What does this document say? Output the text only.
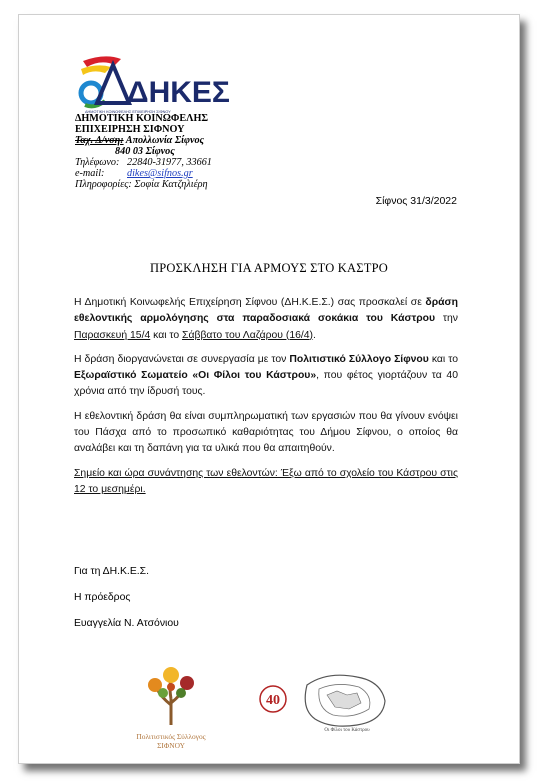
ΔΗΚΕΣ
ΔΗΜΟΤΙΚΗ ΚΟΙΝΩΦΕΛΗΣ ΕΠΙΧΕΙΡΗΣΗ ΣΙΦΝΟΥ
ΔΗΜΟΤΙΚΗ ΚΟΙΝΩΦΕΛΗΣ
ΕΠΙΧΕΙΡΗΣΗ ΣΙΦΝΟΥ
Ταχ. Δ/νση: Απολλωνία Σίφνος
840 03 Σίφνος
Τηλέφωνο: 22840-31977, 33661
e-mail: dikes@sifnos.gr
Πληροφορίες: Σοφία Κατζηλιέρη
Σίφνος 31/3/2022
ΠΡΟΣΚΛΗΣΗ ΓΙΑ ΑΡΜΟΥΣ ΣΤΟ ΚΑΣΤΡΟ

Η Δημοτική Κοινωφελής Επιχείρηση Σίφνου (ΔΗ.Κ.Ε.Σ.) σας προσκαλεί σε δράση εθελοντικής αρμολόγησης στα παραδοσιακά σοκάκια του Κάστρου την Παρασκευή 15/4 και το Σάββατο του Λαζάρου (16/4).

Η δράση διοργανώνεται σε συνεργασία με τον Πολιτιστικό Σύλλογο Σίφνου και το Εξωραϊστικό Σωματείο «Οι Φίλοι του Κάστρου», που φέτος γιορτάζουν τα 40 χρόνια από την ίδρυσή τους.

Η εθελοντική δράση θα είναι συμπληρωματική των εργασιών που θα γίνουν ενόψει του Πάσχα από το προσωπικό καθαριότητας του Δήμου Σίφνου, ο οποίος θα αναλάβει και τη δαπάνη για τα υλικά που θα απαιτηθούν.

Σημείο και ώρα συνάντησης των εθελοντών: Έξω από το σχολείο του Κάστρου στις 12 το μεσημέρι.

Για τη ΔΗ.Κ.Ε.Σ.
Η πρόεδρος
Ευαγγελία Ν. Ατσόνιου
Πολιτιστικός Σύλλογος
ΣΙΦΝΟΥ
40
Οι Φίλοι του Κάστρου
